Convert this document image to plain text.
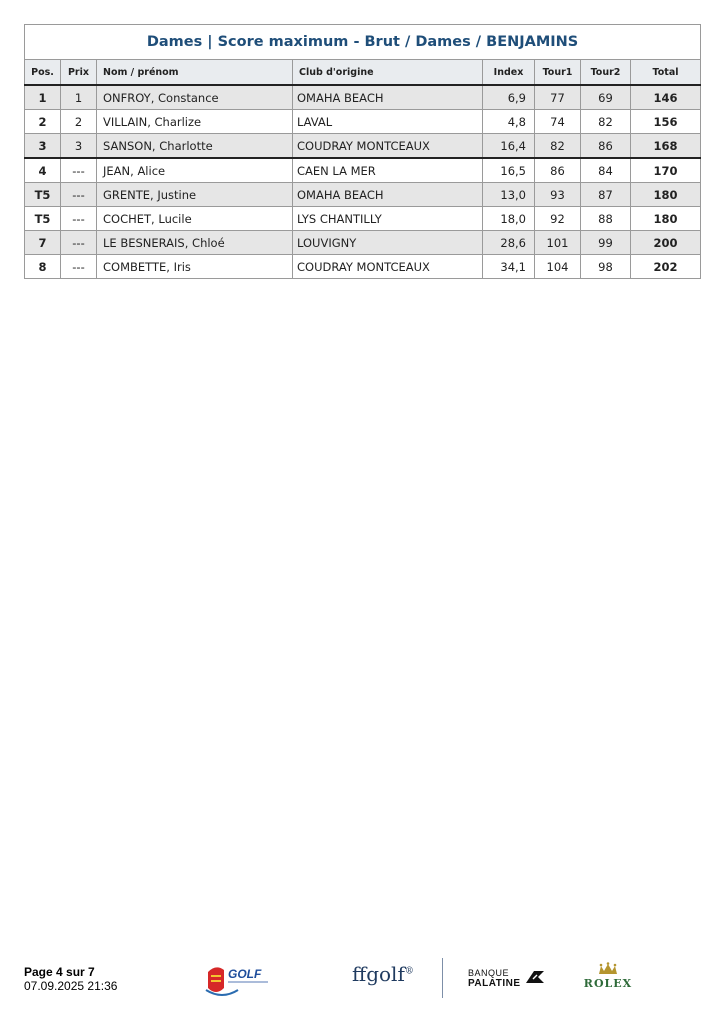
Dames | Score maximum - Brut / Dames / BENJAMINS							
Pos.	Prix	Nom / prénom	Club d'origine	Index	Tour1	Tour2	Total
1	1	ONFROY, Constance	OMAHA BEACH	6,9	77	69	146
2	2	VILLAIN, Charlize	LAVAL	4,8	74	82	156
3	3	SANSON, Charlotte	COUDRAY MONTCEAUX	16,4	82	86	168
4	---	JEAN, Alice	CAEN LA MER	16,5	86	84	170
T5	---	GRENTE, Justine	OMAHA BEACH	13,0	93	87	180
T5	---	COCHET, Lucile	LYS CHANTILLY	18,0	92	88	180
7	---	LE BESNERAIS, Chloé	LOUVIGNY	28,6	101	99	200
8	---	COMBETTE, Iris	COUDRAY MONTCEAUX	34,1	104	98	202
Page 4 sur 7
07.09.2025 21:36
GOLF	ffgolf®	BANQUE
PALATINE	ROLEX
